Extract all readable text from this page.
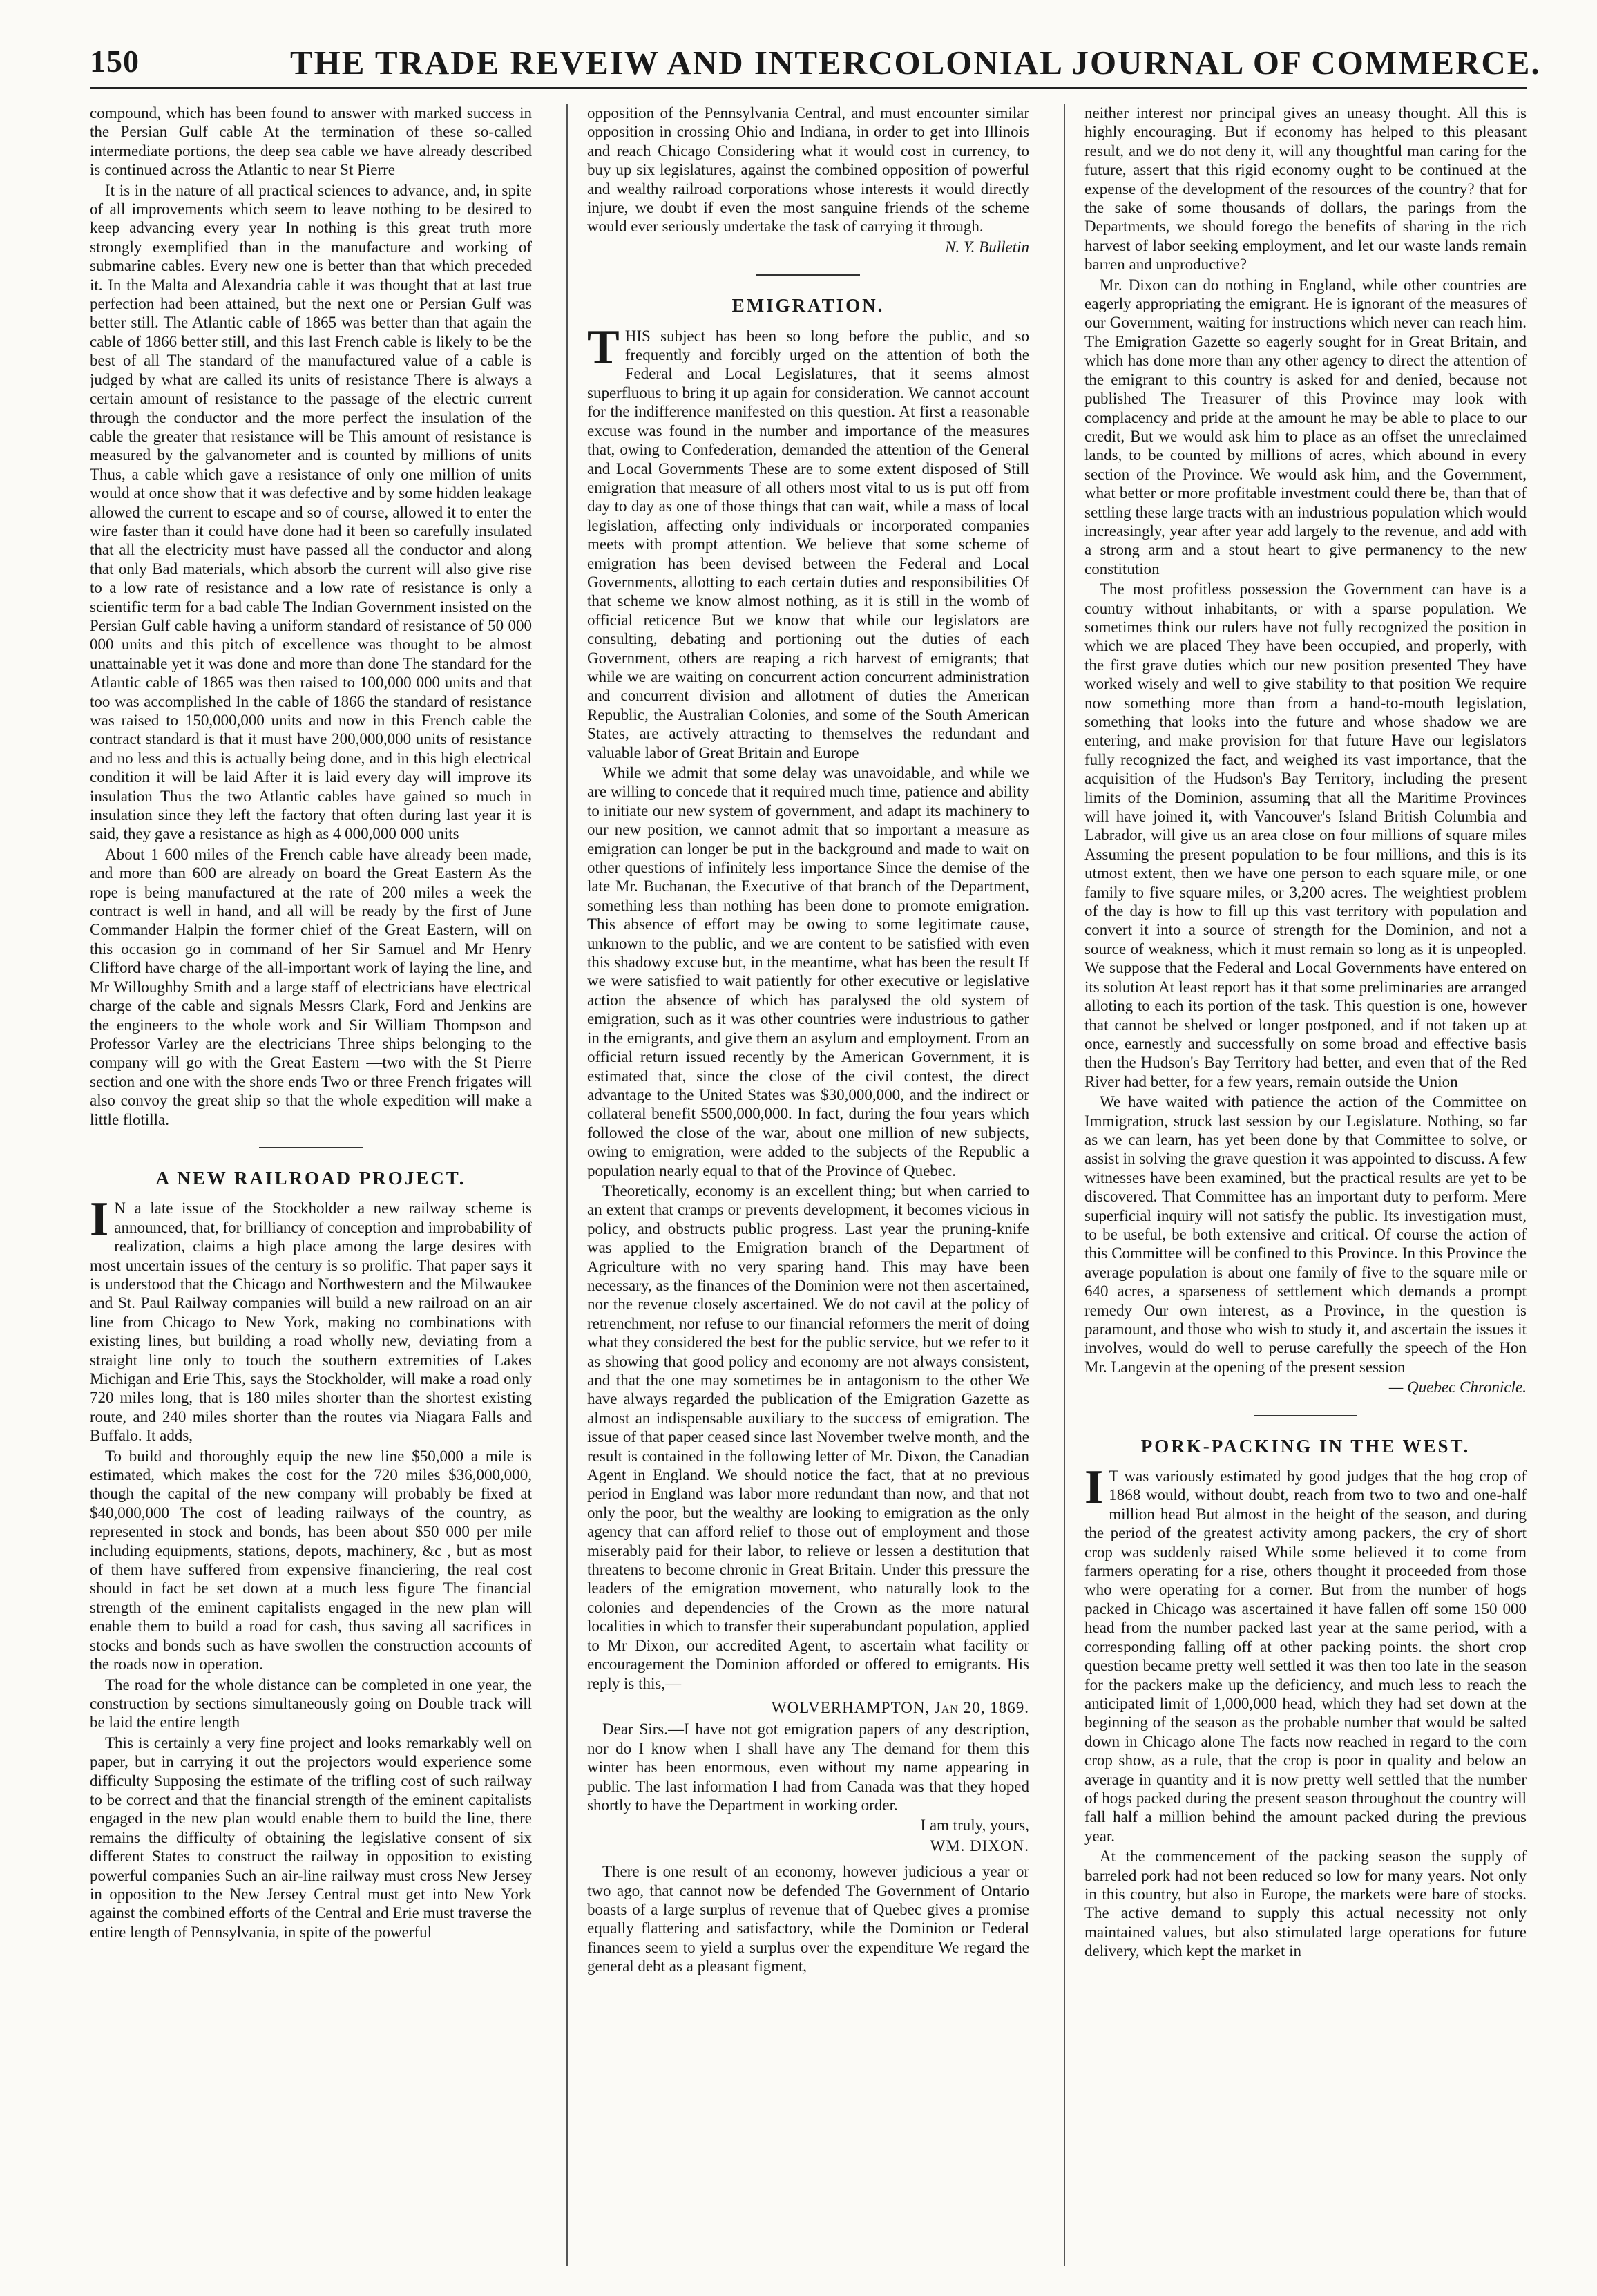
150	THE TRADE REVEIW AND INTERCOLONIAL JOURNAL OF COMMERCE.

compound, which has been found to answer with marked success in the Persian Gulf cable At the termination of these so-called intermediate portions, the deep sea cable we have already described is continued across the Atlantic to near St Pierre

It is in the nature of all practical sciences to advance, and, in spite of all improvements which seem to leave nothing to be desired to keep advancing every year In nothing is this great truth more strongly exemplified than in the manufacture and working of submarine cables. Every new one is better than that which preceded it. In the Malta and Alexandria cable it was thought that at last true perfection had been attained, but the next one or Persian Gulf was better still. The Atlantic cable of 1865 was better than that again the cable of 1866 better still, and this last French cable is likely to be the best of all The standard of the manufactured value of a cable is judged by what are called its units of resistance There is always a certain amount of resistance to the passage of the electric current through the conductor and the more perfect the insulation of the cable the greater that resistance will be This amount of resistance is measured by the galvanometer and is counted by millions of units Thus, a cable which gave a resistance of only one million of units would at once show that it was defective and by some hidden leakage allowed the current to escape and so of course, allowed it to enter the wire faster than it could have done had it been so carefully insulated that all the electricity must have passed all the conductor and along that only Bad materials, which absorb the current will also give rise to a low rate of resistance and a low rate of resistance is only a scientific term for a bad cable The Indian Government insisted on the Persian Gulf cable having a uniform standard of resistance of 50 000 000 units and this pitch of excellence was thought to be almost unattainable yet it was done and more than done The standard for the Atlantic cable of 1865 was then raised to 100,000 000 units and that too was accomplished In the cable of 1866 the standard of resistance was raised to 150,000,000 units and now in this French cable the contract standard is that it must have 200,000,000 units of resistance and no less and this is actually being done, and in this high electrical condition it will be laid After it is laid every day will improve its insulation Thus the two Atlantic cables have gained so much in insulation since they left the factory that often during last year it is said, they gave a resistance as high as 4 000,000 000 units

About 1 600 miles of the French cable have already been made, and more than 600 are already on board the Great Eastern As the rope is being manufactured at the rate of 200 miles a week the contract is well in hand, and all will be ready by the first of June Commander Halpin the former chief of the Great Eastern, will on this occasion go in command of her Sir Samuel and Mr Henry Clifford have charge of the all-important work of laying the line, and Mr Willoughby Smith and a large staff of electricians have electrical charge of the cable and signals Messrs Clark, Ford and Jenkins are the engineers to the whole work and Sir William Thompson and Professor Varley are the electricians Three ships belonging to the company will go with the Great Eastern —two with the St Pierre section and one with the shore ends Two or three French frigates will also convoy the great ship so that the whole expedition will make a little flotilla.

A NEW RAILROAD PROJECT.

I N a late issue of the Stockholder a new railway scheme is announced, that, for brilliancy of conception and improbability of realization, claims a high place among the large desires with most uncertain issues of the century is so prolific. That paper says it is understood that the Chicago and Northwestern and the Milwaukee and St. Paul Railway companies will build a new railroad on an air line from Chicago to New York, making no combinations with existing lines, but building a road wholly new, deviating from a straight line only to touch the southern extremities of Lakes Michigan and Erie This, says the Stockholder, will make a road only 720 miles long, that is 180 miles shorter than the shortest existing route, and 240 miles shorter than the routes via Niagara Falls and Buffalo. It adds,

To build and thoroughly equip the new line $50,000 a mile is estimated, which makes the cost for the 720 miles $36,000,000, though the capital of the new company will probably be fixed at $40,000,000 The cost of leading railways of the country, as represented in stock and bonds, has been about $50 000 per mile including equipments, stations, depots, machinery, &c , but as most of them have suffered from expensive financiering, the real cost should in fact be set down at a much less figure The financial strength of the eminent capitalists engaged in the new plan will enable them to build a road for cash, thus saving all sacrifices in stocks and bonds such as have swollen the construction accounts of the roads now in operation.

The road for the whole distance can be completed in one year, the construction by sections simultaneously going on Double track will be laid the entire length

This is certainly a very fine project and looks remarkably well on paper, but in carrying it out the projectors would experience some difficulty Supposing the estimate of the trifling cost of such railway to be correct and that the financial strength of the eminent capitalists engaged in the new plan would enable them to build the line, there remains the difficulty of obtaining the legislative consent of six different States to construct the railway in opposition to existing powerful companies Such an air-line railway must cross New Jersey in opposition to the New Jersey Central must get into New York against the combined efforts of the Central and Erie must traverse the entire length of Pennsylvania, in spite of the powerful

opposition of the Pennsylvania Central, and must encounter similar opposition in crossing Ohio and Indiana, in order to get into Illinois and reach Chicago Considering what it would cost in currency, to buy up six legislatures, against the combined opposition of powerful and wealthy railroad corporations whose interests it would directly injure, we doubt if even the most sanguine friends of the scheme would ever seriously undertake the task of carrying it through.

N. Y. Bulletin

EMIGRATION.

THIS subject has been so long before the public, and so frequently and forcibly urged on the attention of both the Federal and Local Legislatures, that it seems almost superfluous to bring it up again for consideration. We cannot account for the indifference manifested on this question. At first a reasonable excuse was found in the number and importance of the measures that, owing to Confederation, demanded the attention of the General and Local Governments These are to some extent disposed of Still emigration that measure of all others most vital to us is put off from day to day as one of those things that can wait, while a mass of local legislation, affecting only individuals or incorporated companies meets with prompt attention. We believe that some scheme of emigration has been devised between the Federal and Local Governments, allotting to each certain duties and responsibilities Of that scheme we know almost nothing, as it is still in the womb of official reticence But we know that while our legislators are consulting, debating and portioning out the duties of each Government, others are reaping a rich harvest of emigrants; that while we are waiting on concurrent action concurrent administration and concurrent division and allotment of duties the American Republic, the Australian Colonies, and some of the South American States, are actively attracting to themselves the redundant and valuable labor of Great Britain and Europe

While we admit that some delay was unavoidable, and while we are willing to concede that it required much time, patience and ability to initiate our new system of government, and adapt its machinery to our new position, we cannot admit that so important a measure as emigration can longer be put in the background and made to wait on other questions of infinitely less importance Since the demise of the late Mr. Buchanan, the Executive of that branch of the Department, something less than nothing has been done to promote emigration. This absence of effort may be owing to some legitimate cause, unknown to the public, and we are content to be satisfied with even this shadowy excuse but, in the meantime, what has been the result If we were satisfied to wait patiently for other executive or legislative action the absence of which has paralysed the old system of emigration, such as it was other countries were industrious to gather in the emigrants, and give them an asylum and employment. From an official return issued recently by the American Government, it is estimated that, since the close of the civil contest, the direct advantage to the United States was $30,000,000, and the indirect or collateral benefit $500,000,000. In fact, during the four years which followed the close of the war, about one million of new subjects, owing to emigration, were added to the subjects of the Republic a population nearly equal to that of the Province of Quebec.

Theoretically, economy is an excellent thing; but when carried to an extent that cramps or prevents development, it becomes vicious in policy, and obstructs public progress. Last year the pruning-knife was applied to the Emigration branch of the Department of Agriculture with no very sparing hand. This may have been necessary, as the finances of the Dominion were not then ascertained, nor the revenue closely ascertained. We do not cavil at the policy of retrenchment, nor refuse to our financial reformers the merit of doing what they considered the best for the public service, but we refer to it as showing that good policy and economy are not always consistent, and that the one may sometimes be in antagonism to the other We have always regarded the publication of the Emigration Gazette as almost an indispensable auxiliary to the success of emigration. The issue of that paper ceased since last November twelve month, and the result is contained in the following letter of Mr. Dixon, the Canadian Agent in England. We should notice the fact, that at no previous period in England was labor more redundant than now, and that not only the poor, but the wealthy are looking to emigration as the only agency that can afford relief to those out of employment and those miserably paid for their labor, to relieve or lessen a destitution that threatens to become chronic in Great Britain. Under this pressure the leaders of the emigration movement, who naturally look to the colonies and dependencies of the Crown as the more natural localities in which to transfer their superabundant population, applied to Mr Dixon, our accredited Agent, to ascertain what facility or encouragement the Dominion afforded or offered to emigrants. His reply is this,—

WOLVERHAMPTON, Jan 20, 1869.

Dear Sirs.—I have not got emigration papers of any description, nor do I know when I shall have any The demand for them this winter has been enormous, even without my name appearing in public. The last information I had from Canada was that they hoped shortly to have the Department in working order.

I am truly, yours,

WM. DIXON.

There is one result of an economy, however judicious a year or two ago, that cannot now be defended The Government of Ontario boasts of a large surplus of revenue that of Quebec gives a promise equally flattering and satisfactory, while the Dominion or Federal finances seem to yield a surplus over the expenditure We regard the general debt as a pleasant figment,

neither interest nor principal gives an uneasy thought. All this is highly encouraging. But if economy has helped to this pleasant result, and we do not deny it, will any thoughtful man caring for the future, assert that this rigid economy ought to be continued at the expense of the development of the resources of the country? that for the sake of some thousands of dollars, the parings from the Departments, we should forego the benefits of sharing in the rich harvest of labor seeking employment, and let our waste lands remain barren and unproductive?

Mr. Dixon can do nothing in England, while other countries are eagerly appropriating the emigrant. He is ignorant of the measures of our Government, waiting for instructions which never can reach him. The Emigration Gazette so eagerly sought for in Great Britain, and which has done more than any other agency to direct the attention of the emigrant to this country is asked for and denied, because not published The Treasurer of this Province may look with complacency and pride at the amount he may be able to place to our credit, But we would ask him to place as an offset the unreclaimed lands, to be counted by millions of acres, which abound in every section of the Province. We would ask him, and the Government, what better or more profitable investment could there be, than that of settling these large tracts with an industrious population which would increasingly, year after year add largely to the revenue, and add with a strong arm and a stout heart to give permanency to the new constitution

The most profitless possession the Government can have is a country without inhabitants, or with a sparse population. We sometimes think our rulers have not fully recognized the position in which we are placed They have been occupied, and properly, with the first grave duties which our new position presented They have worked wisely and well to give stability to that position We require now something more than from a hand-to-mouth legislation, something that looks into the future and whose shadow we are entering, and make provision for that future Have our legislators fully recognized the fact, and weighed its vast importance, that the acquisition of the Hudson's Bay Territory, including the present limits of the Dominion, assuming that all the Maritime Provinces will have joined it, with Vancouver's Island British Columbia and Labrador, will give us an area close on four millions of square miles Assuming the present population to be four millions, and this is its utmost extent, then we have one person to each square mile, or one family to five square miles, or 3,200 acres. The weightiest problem of the day is how to fill up this vast territory with population and convert it into a source of strength for the Dominion, and not a source of weakness, which it must remain so long as it is unpeopled. We suppose that the Federal and Local Governments have entered on its solution At least report has it that some preliminaries are arranged alloting to each its portion of the task. This question is one, however that cannot be shelved or longer postponed, and if not taken up at once, earnestly and successfully on some broad and effective basis then the Hudson's Bay Territory had better, and even that of the Red River had better, for a few years, remain outside the Union

We have waited with patience the action of the Committee on Immigration, struck last session by our Legislature. Nothing, so far as we can learn, has yet been done by that Committee to solve, or assist in solving the grave question it was appointed to discuss. A few witnesses have been examined, but the practical results are yet to be discovered. That Committee has an important duty to perform. Mere superficial inquiry will not satisfy the public. Its investigation must, to be useful, be both extensive and critical. Of course the action of this Committee will be confined to this Province. In this Province the average population is about one family of five to the square mile or 640 acres, a sparseness of settlement which demands a prompt remedy Our own interest, as a Province, in the question is paramount, and those who wish to study it, and ascertain the issues it involves, would do well to peruse carefully the speech of the Hon Mr. Langevin at the opening of the present session

— Quebec Chronicle.

PORK-PACKING IN THE WEST.

I T was variously estimated by good judges that the hog crop of 1868 would, without doubt, reach from two to two and one-half million head But almost in the height of the season, and during the period of the greatest activity among packers, the cry of short crop was suddenly raised While some believed it to come from farmers operating for a rise, others thought it proceeded from those who were operating for a corner. But from the number of hogs packed in Chicago was ascertained it have fallen off some 150 000 head from the number packed last year at the same period, with a corresponding falling off at other packing points. the short crop question became pretty well settled it was then too late in the season for the packers make up the deficiency, and much less to reach the anticipated limit of 1,000,000 head, which they had set down at the beginning of the season as the probable number that would be salted down in Chicago alone The facts now reached in regard to the corn crop show, as a rule, that the crop is poor in quality and below an average in quantity and it is now pretty well settled that the number of hogs packed during the present season throughout the country will fall half a million behind the amount packed during the previous year.

At the commencement of the packing season the supply of barreled pork had not been reduced so low for many years. Not only in this country, but also in Europe, the markets were bare of stocks. The active demand to supply this actual necessity not only maintained values, but also stimulated large operations for future delivery, which kept the market in
